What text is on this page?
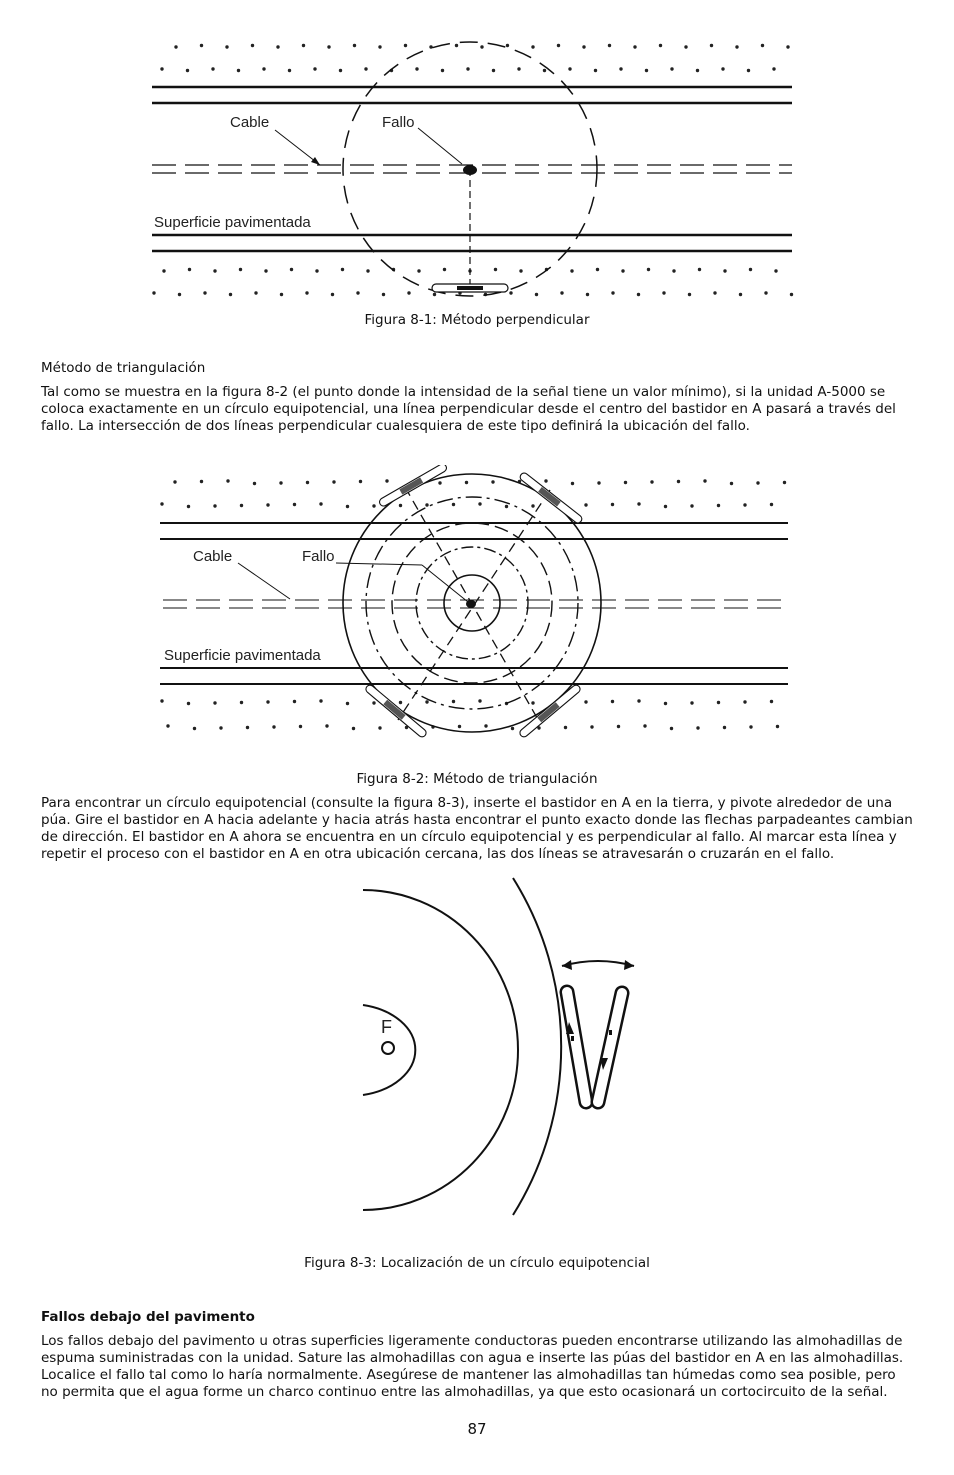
Cable	Fallo
Superficie pavimentada
Figura 8-1: Método perpendicular

Método de triangulación

Tal como se muestra en la figura 8-2 (el punto donde la intensidad de la señal tiene un valor mínimo), si la unidad A-5000 se coloca exactamente en un círculo equipotencial, una línea perpendicular desde el centro del bastidor en A pasará a través del fallo. La intersección de dos líneas perpendicular cualesquiera de este tipo definirá la ubicación del fallo.

Cable	Fallo
Superficie pavimentada
Figura 8-2: Método de triangulación

Para encontrar un círculo equipotencial (consulte la figura 8-3), inserte el bastidor en A en la tierra, y pivote alrededor de una púa. Gire el bastidor en A hacia adelante y hacia atrás hasta encontrar el punto exacto donde las flechas parpadeantes cambian de dirección. El bastidor en A ahora se encuentra en un círculo equipotencial y es perpendicular al fallo. Al marcar esta línea y repetir el proceso con el bastidor en A en otra ubicación cercana, las dos líneas se atravesarán o cruzarán en el fallo.

F
Figura 8-3: Localización de un círculo equipotencial

Fallos debajo del pavimento

Los fallos debajo del pavimento u otras superficies ligeramente conductoras pueden encontrarse utilizando las almohadillas de espuma suministradas con la unidad. Sature las almohadillas con agua e inserte las púas del bastidor en A en las almohadillas. Localice el fallo tal como lo haría normalmente. Asegúrese de mantener las almohadillas tan húmedas como sea posible, pero no permita que el agua forme un charco continuo entre las almohadillas, ya que esto ocasionará un cortocircuito de la señal.

87
